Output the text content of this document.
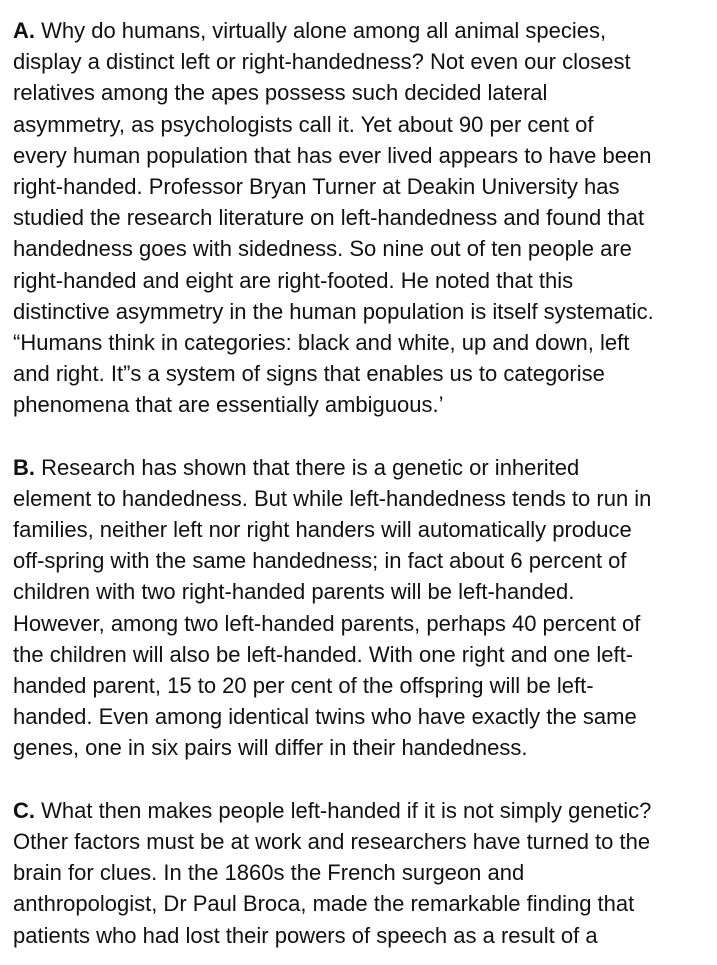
A. Why do humans, virtually alone among all animal species,
display a distinct left or right-handedness? Not even our closest
relatives among the apes possess such decided lateral
asymmetry, as psychologists call it. Yet about 90 per cent of
every human population that has ever lived appears to have been
right-handed. Professor Bryan Turner at Deakin University has
studied the research literature on left-handedness and found that
handedness goes with sidedness. So nine out of ten people are
right-handed and eight are right-footed. He noted that this
distinctive asymmetry in the human population is itself systematic.
“Humans think in categories: black and white, up and down, left
and right. It”s a system of signs that enables us to categorise
phenomena that are essentially ambiguous.’

B. Research has shown that there is a genetic or inherited
element to handedness. But while left-handedness tends to run in
families, neither left nor right handers will automatically produce
off-spring with the same handedness; in fact about 6 percent of
children with two right-handed parents will be left-handed.
However, among two left-handed parents, perhaps 40 percent of
the children will also be left-handed. With one right and one left-
handed parent, 15 to 20 per cent of the offspring will be left-
handed. Even among identical twins who have exactly the same
genes, one in six pairs will differ in their handedness.

C. What then makes people left-handed if it is not simply genetic?
Other factors must be at work and researchers have turned to the
brain for clues. In the 1860s the French surgeon and
anthropologist, Dr Paul Broca, made the remarkable finding that
patients who had lost their powers of speech as a result of a
